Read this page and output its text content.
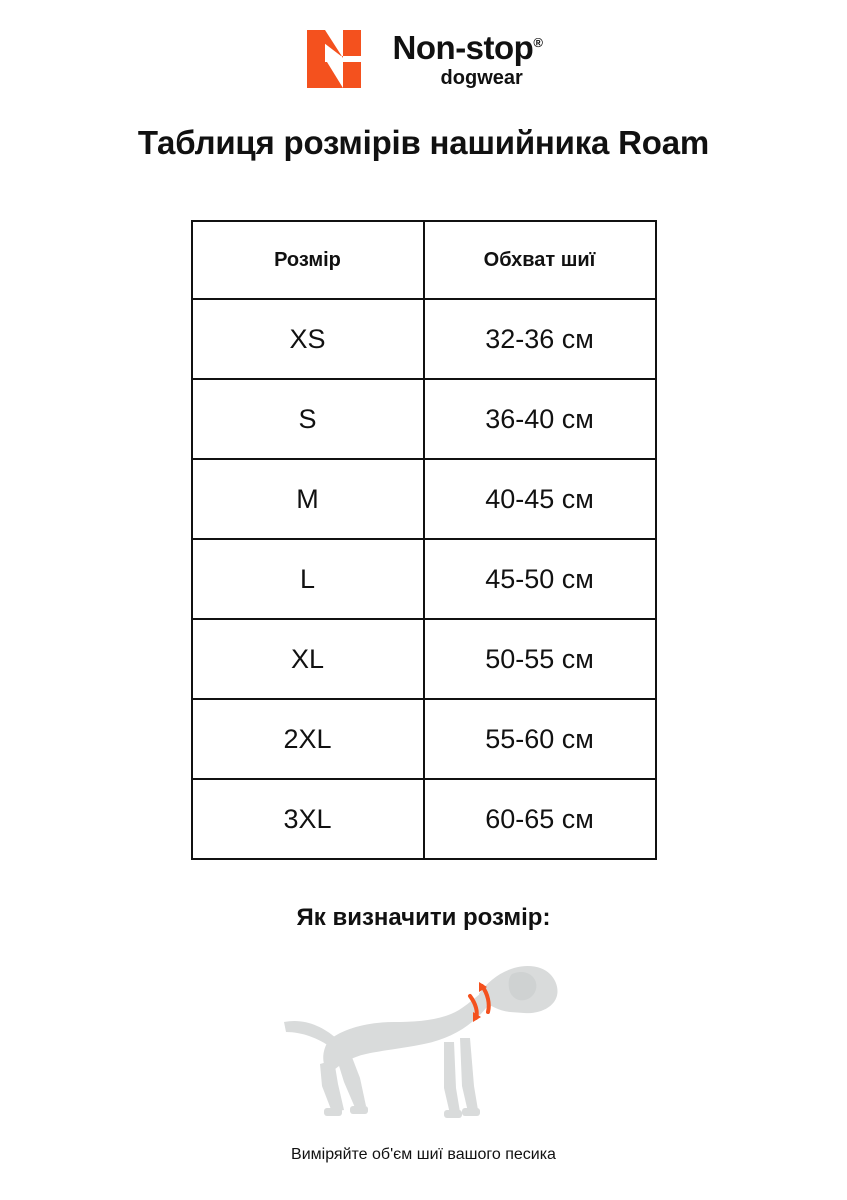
Non-stop®
dogwear
Таблиця розмірів нашийника Roam
Розмір	Обхват шиї
XS	32-36 см
S	36-40 см
M	40-45 см
L	45-50 см
XL	50-55 см
2XL	55-60 см
3XL	60-65 см
Як визначити розмір:
Виміряйте об'єм шиї вашого песика
